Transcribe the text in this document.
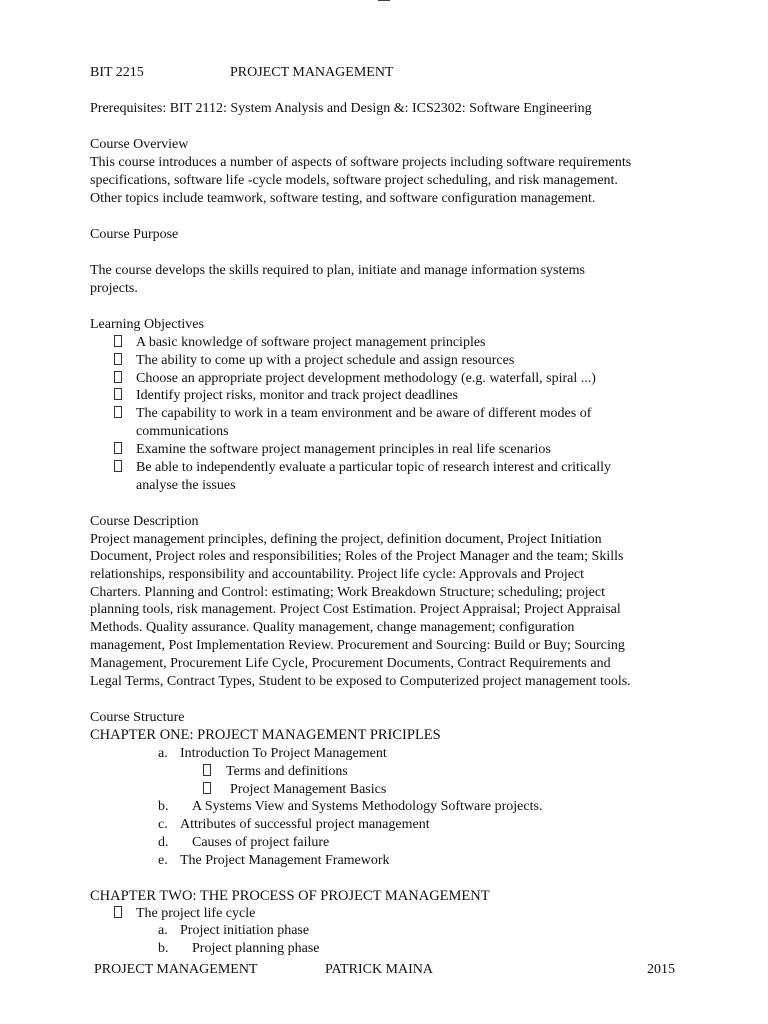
BIT 2215	PROJECT MANAGEMENT
Prerequisites: BIT 2112: System Analysis and Design &: ICS2302: Software Engineering
Course Overview
This course introduces a number of aspects of software projects including software requirements
specifications, software life -cycle models, software project scheduling, and risk management.
Other topics include teamwork, software testing, and software configuration management.
Course Purpose
The course develops the skills required to plan, initiate and manage information systems
projects.
Learning Objectives
A basic knowledge of software project management principles
The ability to come up with a project schedule and assign resources
Choose an appropriate project development methodology (e.g. waterfall, spiral ...)
Identify project risks, monitor and track project deadlines
The capability to work in a team environment and be aware of different modes of
communications
Examine the software project management principles in real life scenarios
Be able to independently evaluate a particular topic of research interest and critically
analyse the issues
Course Description
Project management principles, defining the project, definition document, Project Initiation
Document, Project roles and responsibilities; Roles of the Project Manager and the team; Skills
relationships, responsibility and accountability. Project life cycle: Approvals and Project
Charters. Planning and Control: estimating; Work Breakdown Structure; scheduling; project
planning tools, risk management. Project Cost Estimation. Project Appraisal; Project Appraisal
Methods. Quality assurance. Quality management, change management; configuration
management, Post Implementation Review. Procurement and Sourcing: Build or Buy; Sourcing
Management, Procurement Life Cycle, Procurement Documents, Contract Requirements and
Legal Terms, Contract Types, Student to be exposed to Computerized project management tools.
Course Structure
CHAPTER ONE: PROJECT MANAGEMENT PRICIPLES
a. Introduction To Project Management
Terms and definitions
Project Management Basics
b. A Systems View and Systems Methodology Software projects.
c. Attributes of successful project management
d. Causes of project failure
e. The Project Management Framework
CHAPTER TWO: THE PROCESS OF PROJECT MANAGEMENT
The project life cycle
a. Project initiation phase
b. Project planning phase
PROJECT MANAGEMENT	PATRICK MAINA	2015
